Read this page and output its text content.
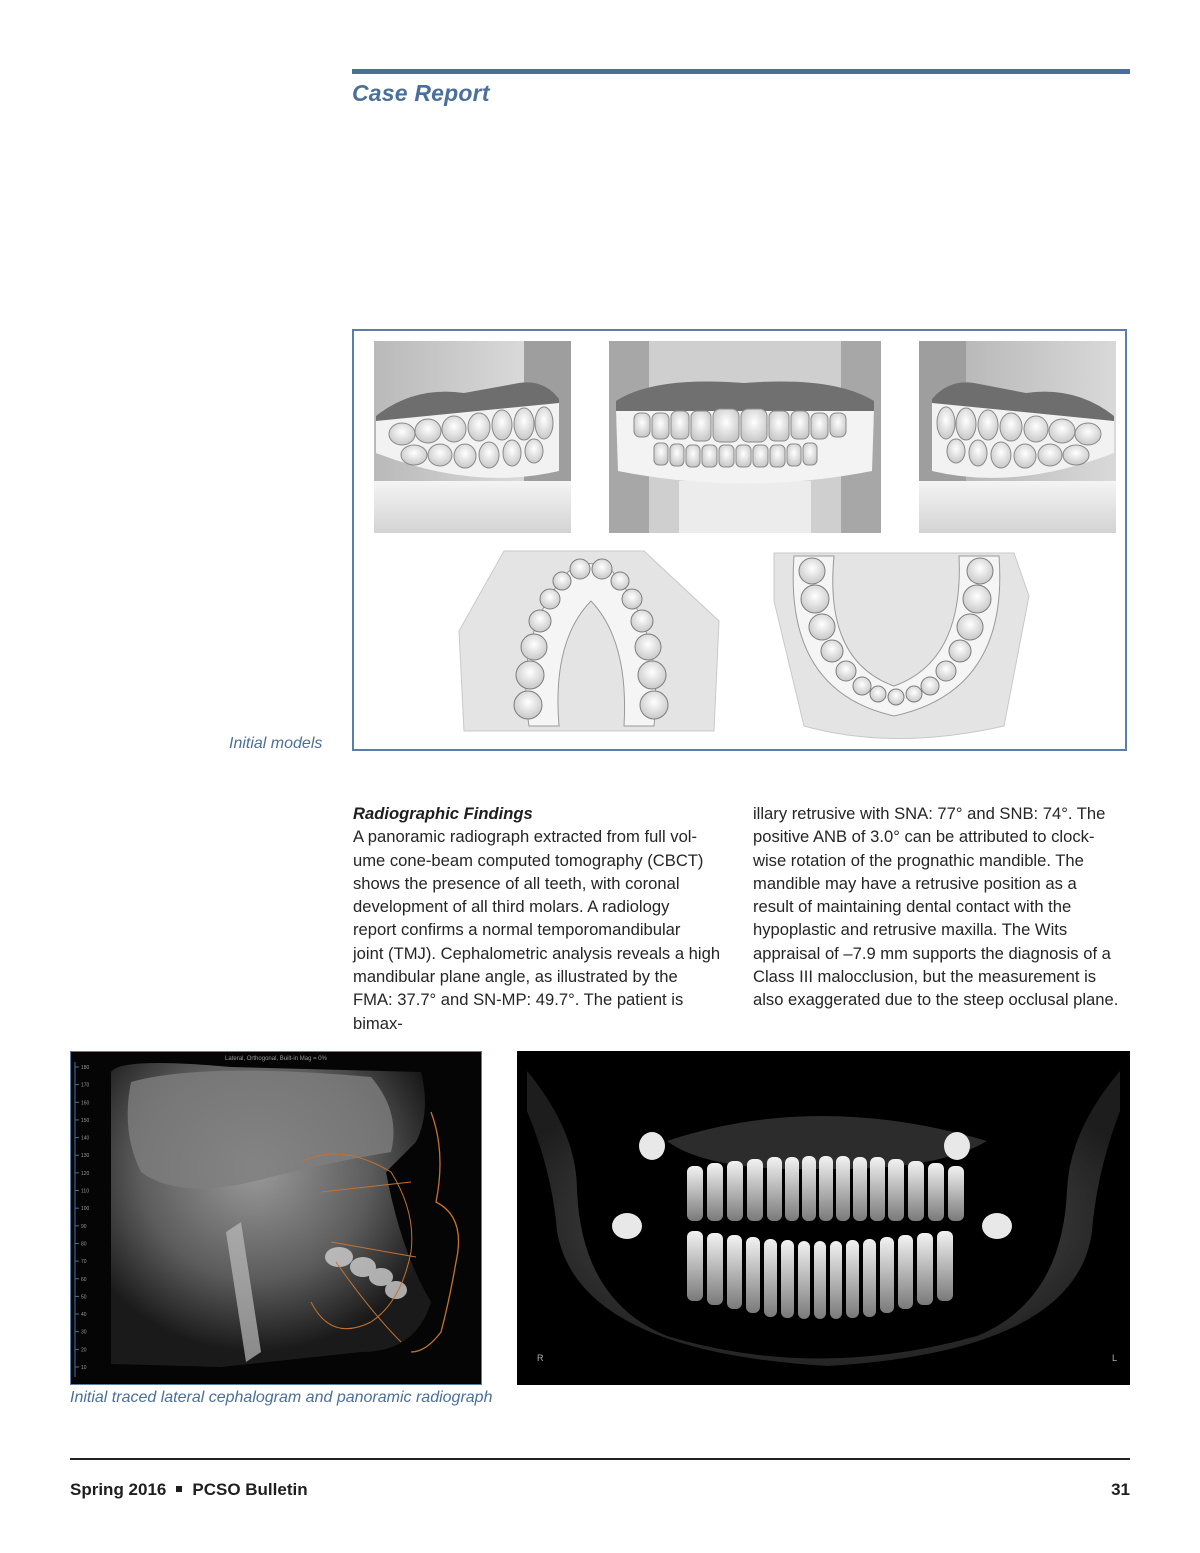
Case Report
Initial models
Radiographic Findings
A panoramic radiograph extracted from full vol-
ume cone-beam computed tomography (CBCT)
shows the presence of all teeth, with coronal
development of all third molars. A radiology
report confirms a normal temporomandibular
joint (TMJ). Cephalometric analysis reveals a high
mandibular plane angle, as illustrated by the
FMA: 37.7° and SN-MP: 49.7°. The patient is bimax-
illary retrusive with SNA: 77° and SNB: 74°. The
positive ANB of 3.0° can be attributed to clock-
wise rotation of the prognathic mandible. The
mandible may have a retrusive position as a
result of maintaining dental contact with the
hypoplastic and retrusive maxilla. The Wits
appraisal of –7.9 mm supports the diagnosis of a
Class III malocclusion, but the measurement is
also exaggerated due to the steep occlusal plane.
Lateral, Orthogonal, Built-in Mag = 0%
180
170
160
150
140
130
120
110
100
90
80
70
60
50
40
30
20
10
R	L
Initial traced lateral cephalogram and panoramic radiograph
Spring 2016 PCSO Bulletin	31
